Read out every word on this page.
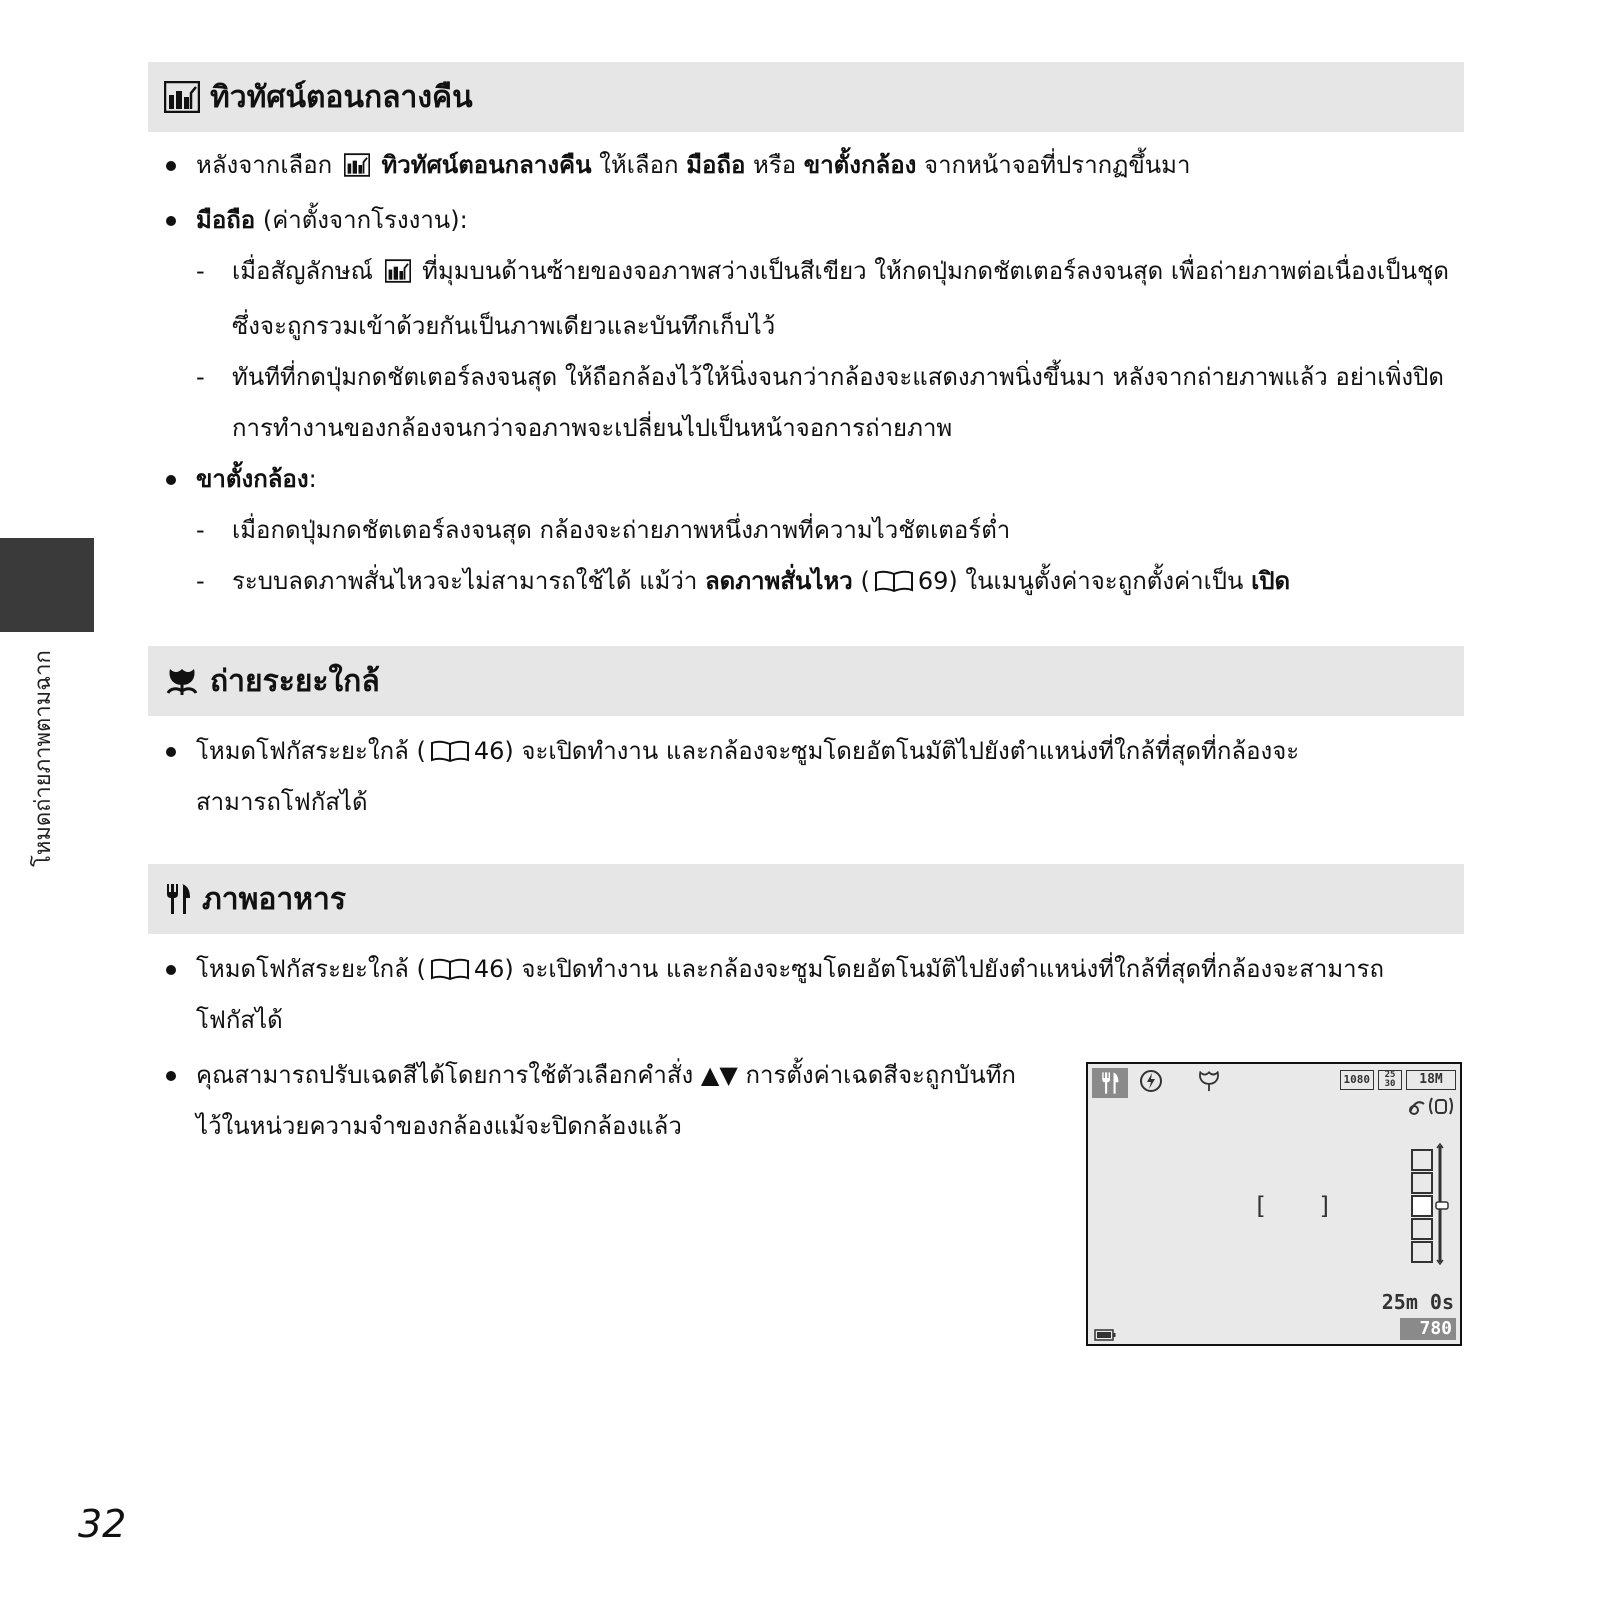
โหมดถ่ายภาพตามฉาก
ทิวทัศน์ตอนกลางคืน
หลังจากเลือก ทิวทัศน์ตอนกลางคืน ให้เลือก มือถือ หรือ ขาตั้งกล้อง จากหน้าจอที่ปรากฏขึ้นมา
มือถือ (ค่าตั้งจากโรงงาน):
- เมื่อสัญลักษณ์ ที่มุมบนด้านซ้ายของจอภาพสว่างเป็นสีเขียว ให้กดปุ่มกดชัตเตอร์ลงจนสุด เพื่อถ่ายภาพต่อเนื่องเป็นชุดซึ่งจะถูกรวมเข้าด้วยกันเป็นภาพเดียวและบันทึกเก็บไว้
- ทันทีที่กดปุ่มกดชัตเตอร์ลงจนสุด ให้ถือกล้องไว้ให้นิ่งจนกว่ากล้องจะแสดงภาพนิ่งขึ้นมา หลังจากถ่ายภาพแล้ว อย่าเพิ่งปิดการทำงานของกล้องจนกว่าจอภาพจะเปลี่ยนไปเป็นหน้าจอการถ่ายภาพ
ขาตั้งกล้อง:
- เมื่อกดปุ่มกดชัตเตอร์ลงจนสุด กล้องจะถ่ายภาพหนึ่งภาพที่ความไวชัตเตอร์ต่ำ
- ระบบลดภาพสั่นไหวจะไม่สามารถใช้ได้ แม้ว่า ลดภาพสั่นไหว ( 69) ในเมนูตั้งค่าจะถูกตั้งค่าเป็น เปิด
ถ่ายระยะใกล้
โหมดโฟกัสระยะใกล้ ( 46) จะเปิดทำงาน และกล้องจะซูมโดยอัตโนมัติไปยังตำแหน่งที่ใกล้ที่สุดที่กล้องจะสามารถโฟกัสได้
ภาพอาหาร
โหมดโฟกัสระยะใกล้ ( 46) จะเปิดทำงาน และกล้องจะซูมโดยอัตโนมัติไปยังตำแหน่งที่ใกล้ที่สุดที่กล้องจะสามารถโฟกัสได้
คุณสามารถปรับเฉดสีได้โดยการใช้ตัวเลือกคำสั่ง ▲▼ การตั้งค่าเฉดสีจะถูกบันทึกไว้ในหน่วยความจำของกล้องแม้จะปิดกล้องแล้ว
1080	25
30	18M
[ ]
25m 0s
780
32
